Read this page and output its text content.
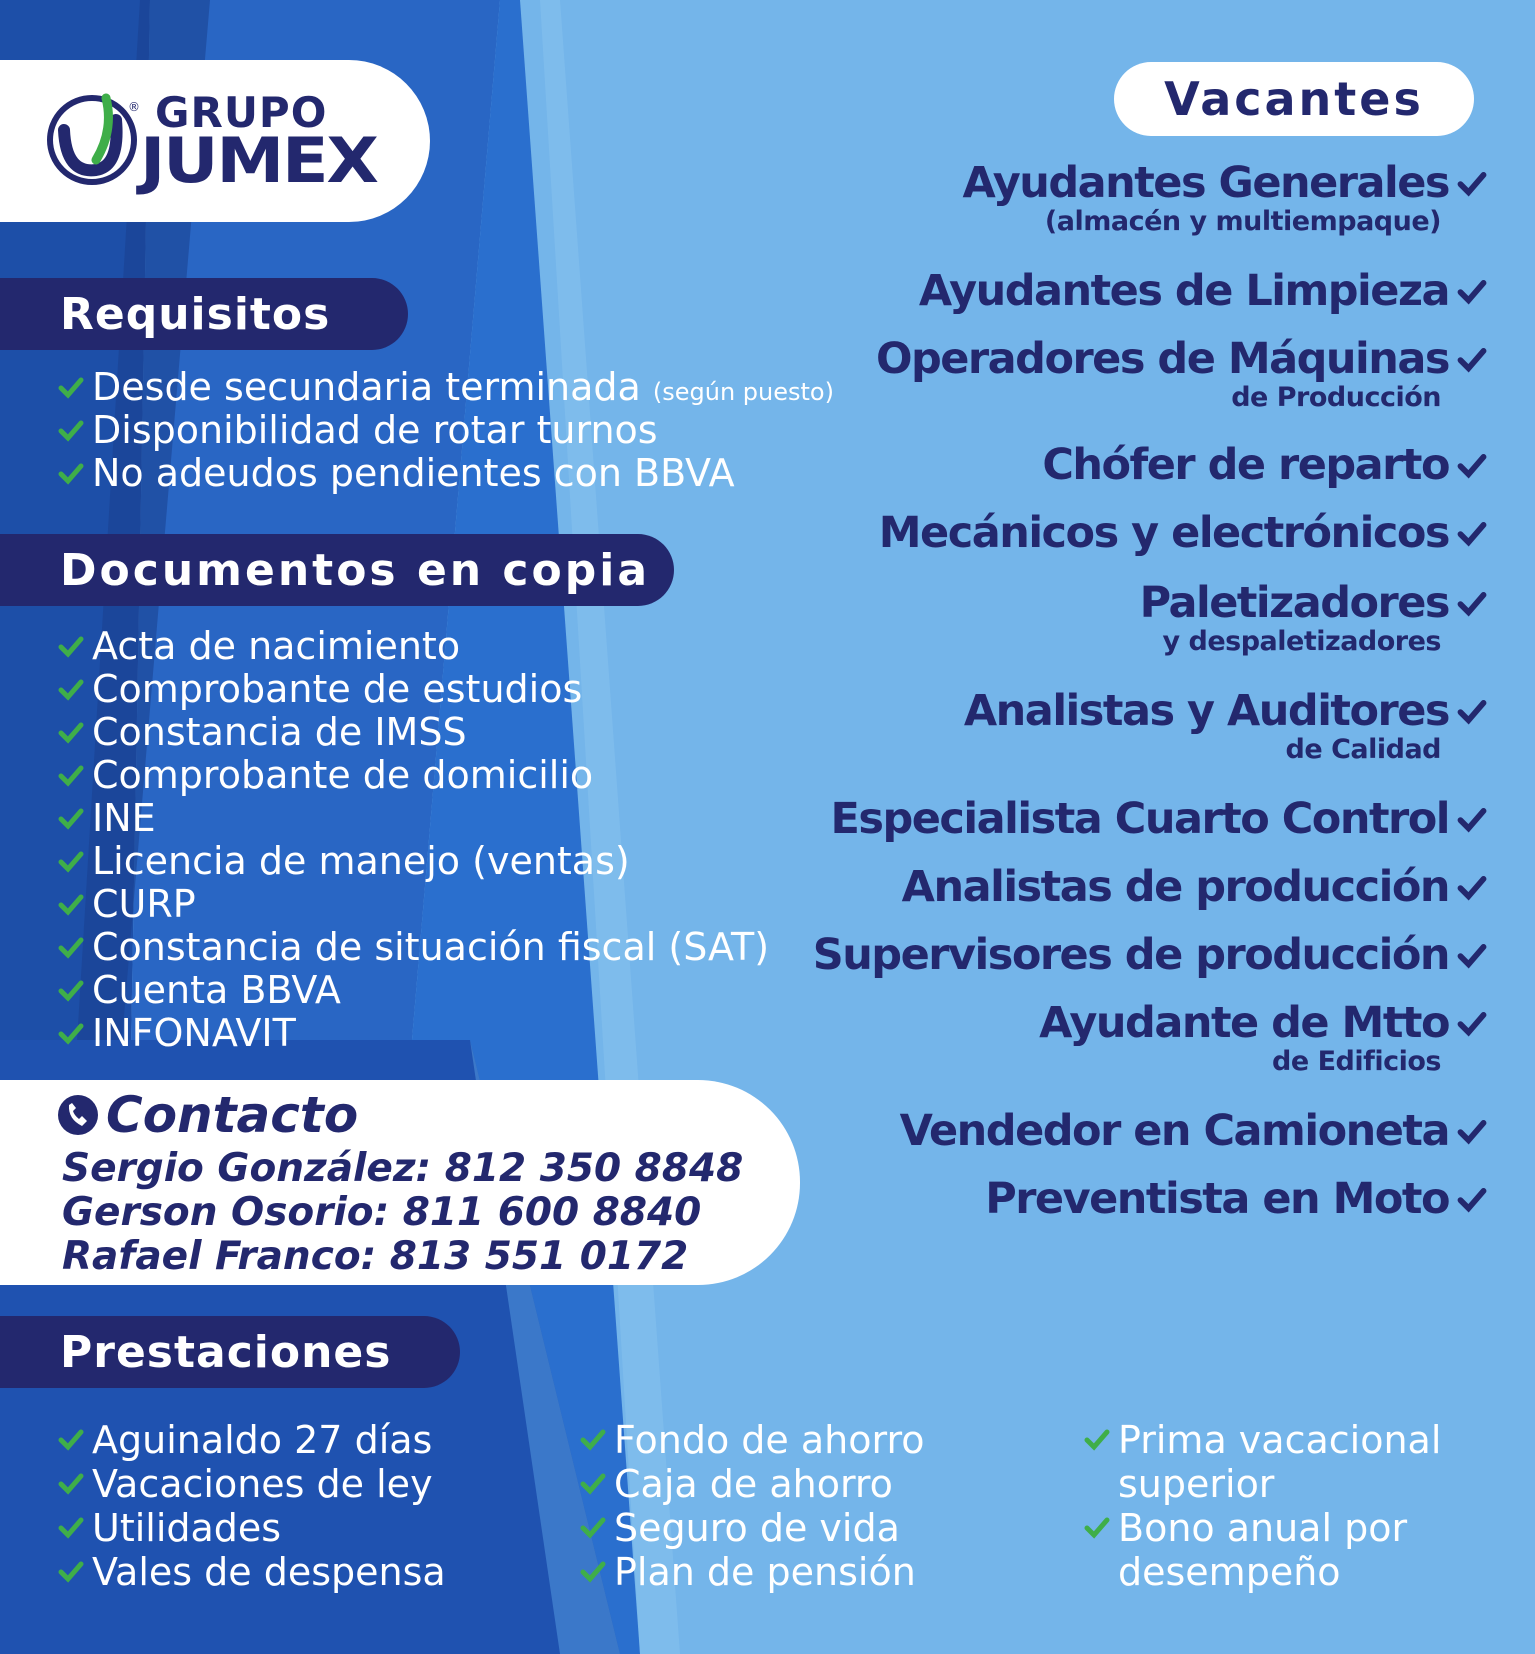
® GRUPO
JUMEX
Requisitos
Desde secundaria terminada (según puesto)
Disponibilidad de rotar turnos
No adeudos pendientes con BBVA
Documentos en copia
Acta de nacimiento
Comprobante de estudios
Constancia de IMSS
Comprobante de domicilio
INE
Licencia de manejo (ventas)
CURP
Constancia de situación fiscal (SAT)
Cuenta BBVA
INFONAVIT
Contacto
Sergio González: 812 350 8848
Gerson Osorio: 811 600 8840
Rafael Franco: 813 551 0172
Vacantes
Ayudantes Generales
(almacén y multiempaque)
Ayudantes de Limpieza
Operadores de Máquinas
de Producción
Chófer de reparto
Mecánicos y electrónicos
Paletizadores
y despaletizadores
Analistas y Auditores
de Calidad
Especialista Cuarto Control
Analistas de producción
Supervisores de producción
Ayudante de Mtto
de Edificios
Vendedor en Camioneta
Preventista en Moto
Prestaciones
Aguinaldo 27 días
Vacaciones de ley
Utilidades
Vales de despensa
Fondo de ahorro
Caja de ahorro
Seguro de vida
Plan de pensión
Prima vacacional
superior
Bono anual por
desempeño
